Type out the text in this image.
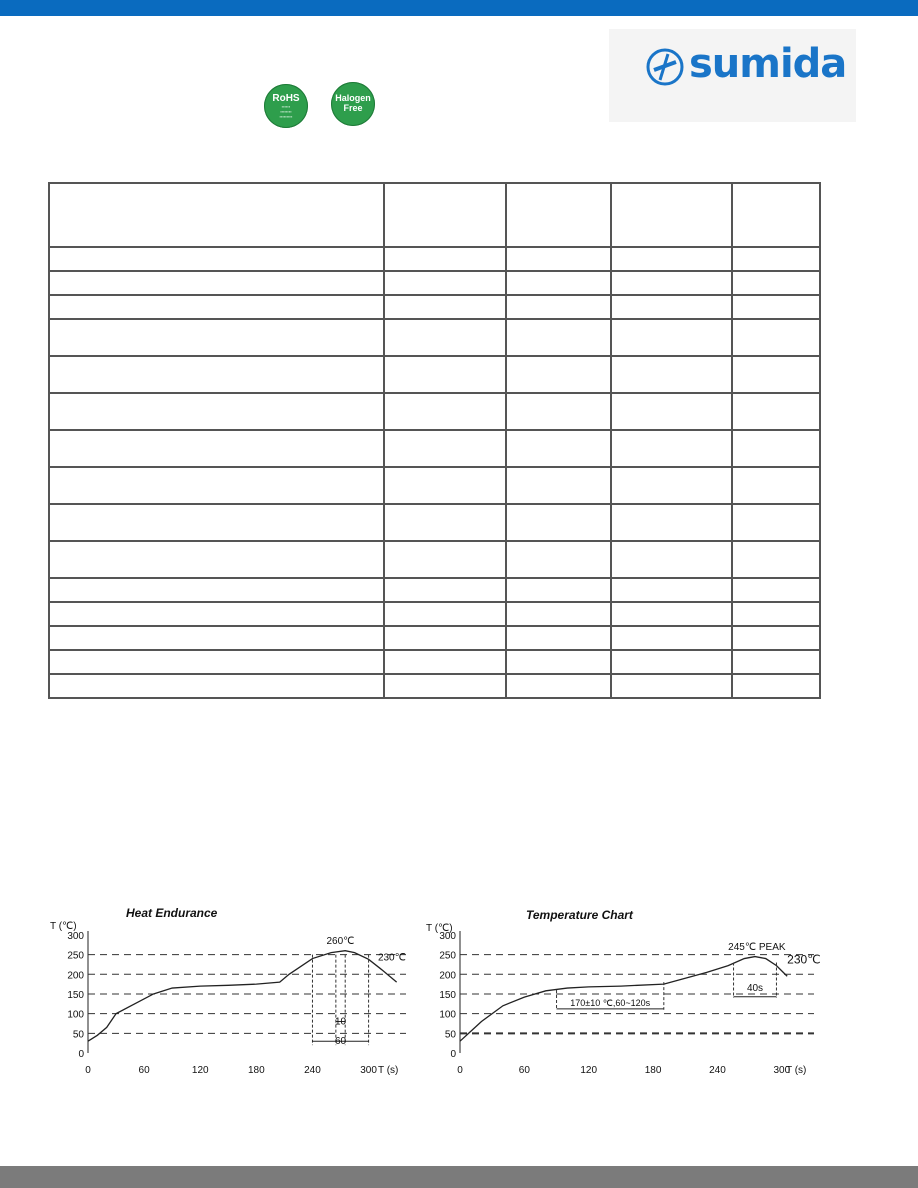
sumida
RoHS
▪▪▪▪▪▪
▪▪▪▪▪▪▪▪
▪▪▪▪▪▪▪▪▪
Halogen
Free

Heat Endurance
T (℃)
T (s)
0
50
100
150
200
250
300
0	60	120	180	240	300
260℃
230℃
10
60
Temperature Chart
T (℃)
T (s)
0
50
100
150
200
250
300
0	60	120	180	240	300
245℃ PEAK
230℃
170±10 ℃,60~120s
40s
